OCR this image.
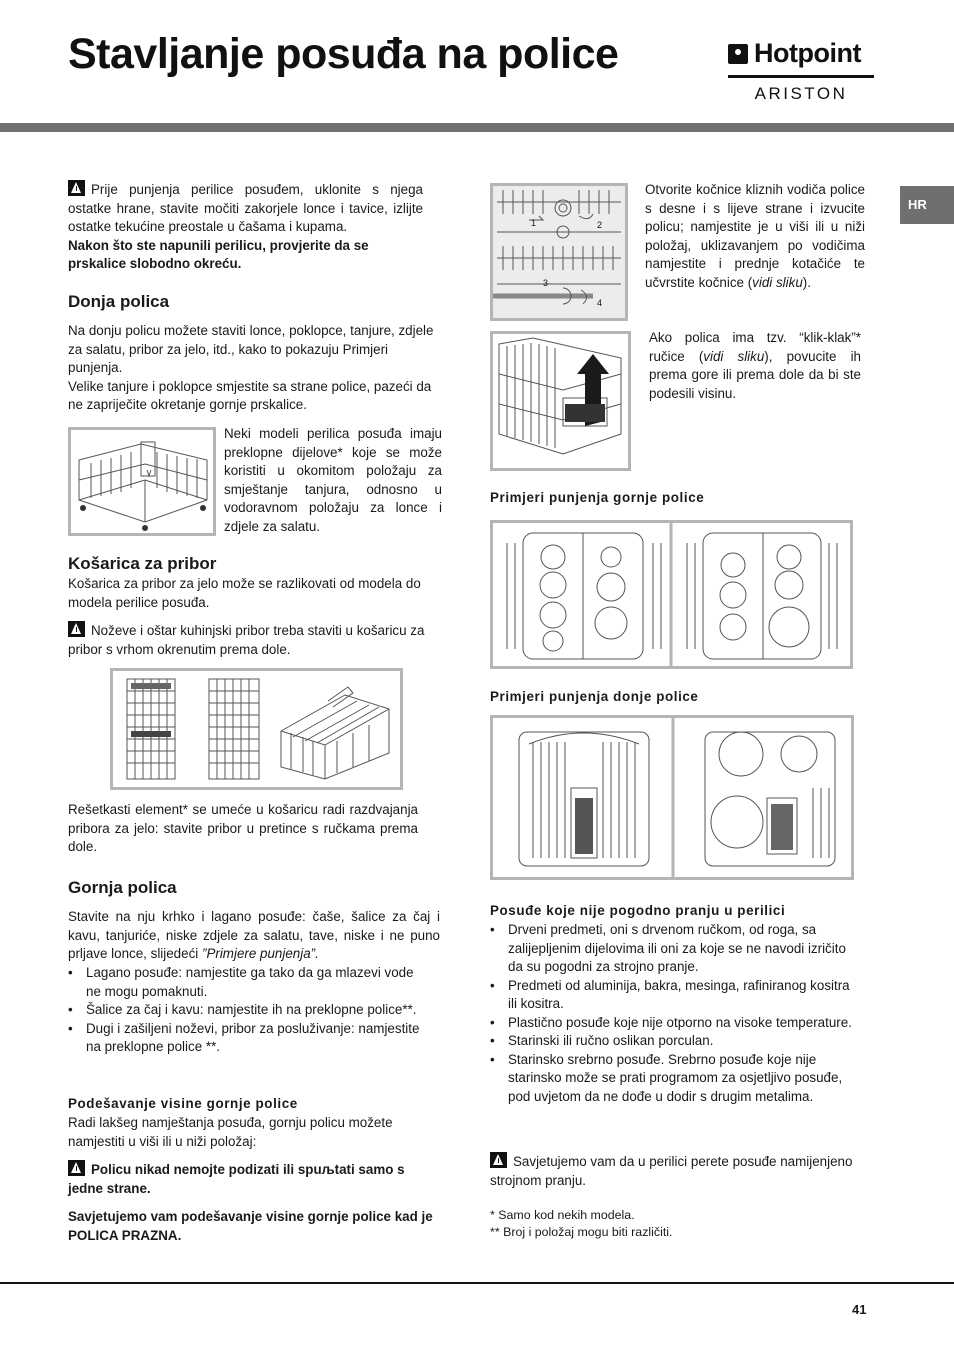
Stavljanje posuđa na police	Hotpoint
ARISTON
HR
Prije punjenja perilice posuđem, uklonite s njega ostatke hrane, stavite močiti zakorjele lonce i tavice, izlijte ostatke tekućine preostale u čašama i kupama.
Nakon što ste napunili perilicu, provjerite da se prskalice slobodno okreću.
Donja polica
Na donju policu možete staviti lonce, poklopce, tanjure, zdjele za salatu, pribor za jelo, itd., kako to pokazuju Primjeri punjenja.
Velike tanjure i poklopce smjestite sa strane police, pazeći da ne zapriječite okretanje gornje prskalice.
Neki modeli perilica posuđa imaju preklopne dijelove* koje se može koristiti u okomitom položaju za smještanje tanjura, odnosno u vodoravnom položaju za lonce i zdjele za salatu.
Košarica za pribor
Košarica za pribor za jelo može se razlikovati od modela do modela perilice posuđa.
Noževe i oštar kuhinjski pribor treba staviti u košaricu za pribor s vrhom okrenutim prema dole.
Rešetkasti element* se umeće u košaricu radi razdvajanja pribora za jelo: stavite pribor u pretince s ručkama prema dole.
Gornja polica
Stavite na nju krhko i lagano posuđe: čaše, šalice za čaj i kavu, tanjuriće, niske zdjele za salatu, tave, niske i ne puno prljave lonce, slijedeći ”Primjere punjenja”.
• Lagano posuđe: namjestite ga tako da ga mlazevi vode ne mogu pomaknuti.
• Šalice za čaj i kavu: namjestite ih na preklopne police**.
• Dugi i zašiljeni noževi, pribor za posluživanje: namjestite na preklopne police **.
Podešavanje visine gornje police
Radi lakšeg namještanja posuđa, gornju policu možete namjestiti u viši ili u niži položaj:
Policu nikad nemojte podizati ili spuљtati samo s jedne strane.
Savjetujemo vam podešavanje visine gornje police kad je POLICA PRAZNA.
1	2
3
4
Otvorite kočnice kliznih vodiča police s desne i s lijeve strane i izvucite policu; namjestite je u viši ili u niži položaj, uklizavanjem po vodičima namjestite i prednje kotačiće te učvrstite kočnice (vidi sliku).
Ako polica ima tzv. “klik-klak”* ručice (vidi sliku), povucite ih prema gore ili prema dole da bi ste podesili visinu.
Primjeri punjenja gornje police
Primjeri punjenja donje police
Posuđe koje nije pogodno pranju u perilici
• Drveni predmeti, oni s drvenom ručkom, od roga, sa zalijepljenim dijelovima ili oni za koje se ne navodi izričito da su pogodni za strojno pranje.
• Predmeti od aluminija, bakra, mesinga, rafiniranog kositra ili kositra.
• Plastično posuđe koje nije otporno na visoke temperature.
• Starinski ili ručno oslikan porculan.
• Starinsko srebrno posuđe. Srebrno posuđe koje nije starinsko može se prati programom za osjetljivo posuđe, pod uvjetom da ne dođe u dodir s drugim metalima.
Savjetujemo vam da u perilici perete posuđe namijenjeno strojnom pranju.
* Samo kod nekih modela.
** Broj i položaj mogu biti različiti.
41
